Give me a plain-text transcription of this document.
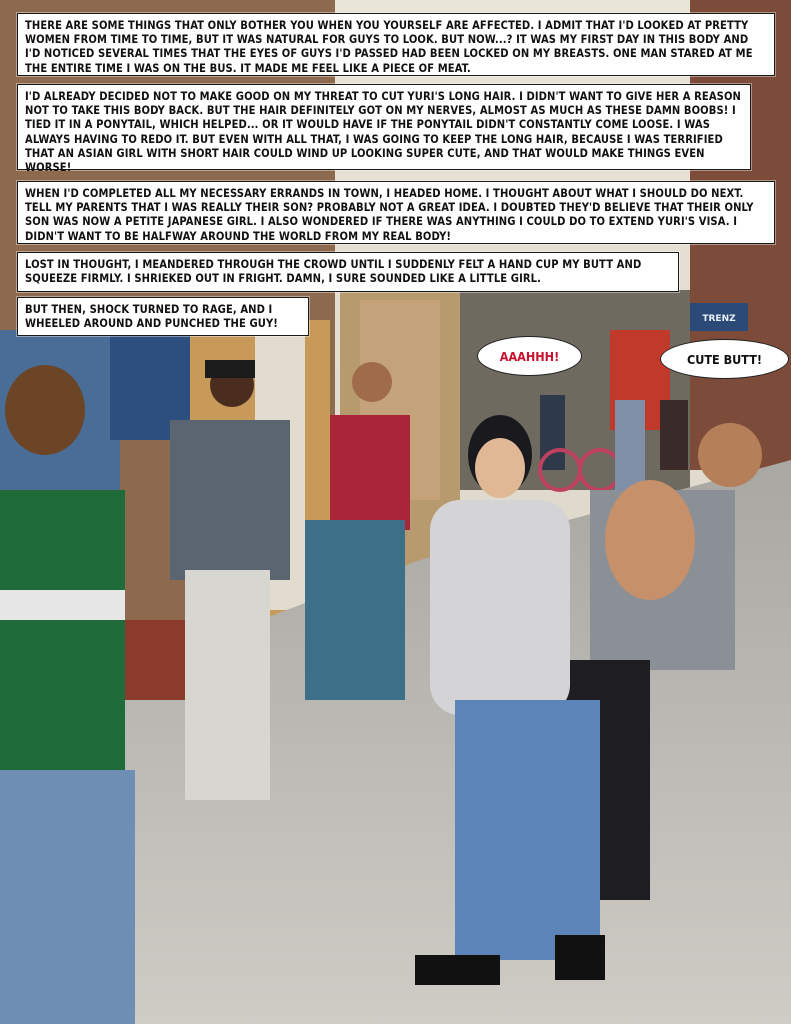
TRENZ
THERE ARE SOME THINGS THAT ONLY BOTHER YOU WHEN YOU YOURSELF ARE AFFECTED. I ADMIT THAT I'D LOOKED AT PRETTY WOMEN FROM TIME TO TIME, BUT IT WAS NATURAL FOR GUYS TO LOOK. BUT NOW...? IT WAS MY FIRST DAY IN THIS BODY AND I'D NOTICED SEVERAL TIMES THAT THE EYES OF GUYS I'D PASSED HAD BEEN LOCKED ON MY BREASTS. ONE MAN STARED AT ME THE ENTIRE TIME I WAS ON THE BUS. IT MADE ME FEEL LIKE A PIECE OF MEAT.
I'D ALREADY DECIDED NOT TO MAKE GOOD ON MY THREAT TO CUT YURI'S LONG HAIR. I DIDN'T WANT TO GIVE HER A REASON NOT TO TAKE THIS BODY BACK. BUT THE HAIR DEFINITELY GOT ON MY NERVES, ALMOST AS MUCH AS THESE DAMN BOOBS! I TIED IT IN A PONYTAIL, WHICH HELPED... OR IT WOULD HAVE IF THE PONYTAIL DIDN'T CONSTANTLY COME LOOSE. I WAS ALWAYS HAVING TO REDO IT. BUT EVEN WITH ALL THAT, I WAS GOING TO KEEP THE LONG HAIR, BECAUSE I WAS TERRIFIED THAT AN ASIAN GIRL WITH SHORT HAIR COULD WIND UP LOOKING SUPER CUTE, AND THAT WOULD MAKE THINGS EVEN WORSE!
WHEN I'D COMPLETED ALL MY NECESSARY ERRANDS IN TOWN, I HEADED HOME. I THOUGHT ABOUT WHAT I SHOULD DO NEXT. TELL MY PARENTS THAT I WAS REALLY THEIR SON? PROBABLY NOT A GREAT IDEA. I DOUBTED THEY'D BELIEVE THAT THEIR ONLY SON WAS NOW A PETITE JAPANESE GIRL. I ALSO WONDERED IF THERE WAS ANYTHING I COULD DO TO EXTEND YURI'S VISA. I DIDN'T WANT TO BE HALFWAY AROUND THE WORLD FROM MY REAL BODY!
LOST IN THOUGHT, I MEANDERED THROUGH THE CROWD UNTIL I SUDDENLY FELT A HAND CUP MY BUTT AND SQUEEZE FIRMLY. I SHRIEKED OUT IN FRIGHT. DAMN, I SURE SOUNDED LIKE A LITTLE GIRL.
BUT THEN, SHOCK TURNED TO RAGE, AND I WHEELED AROUND AND PUNCHED THE GUY!
AAAHHH!	CUTE BUTT!
